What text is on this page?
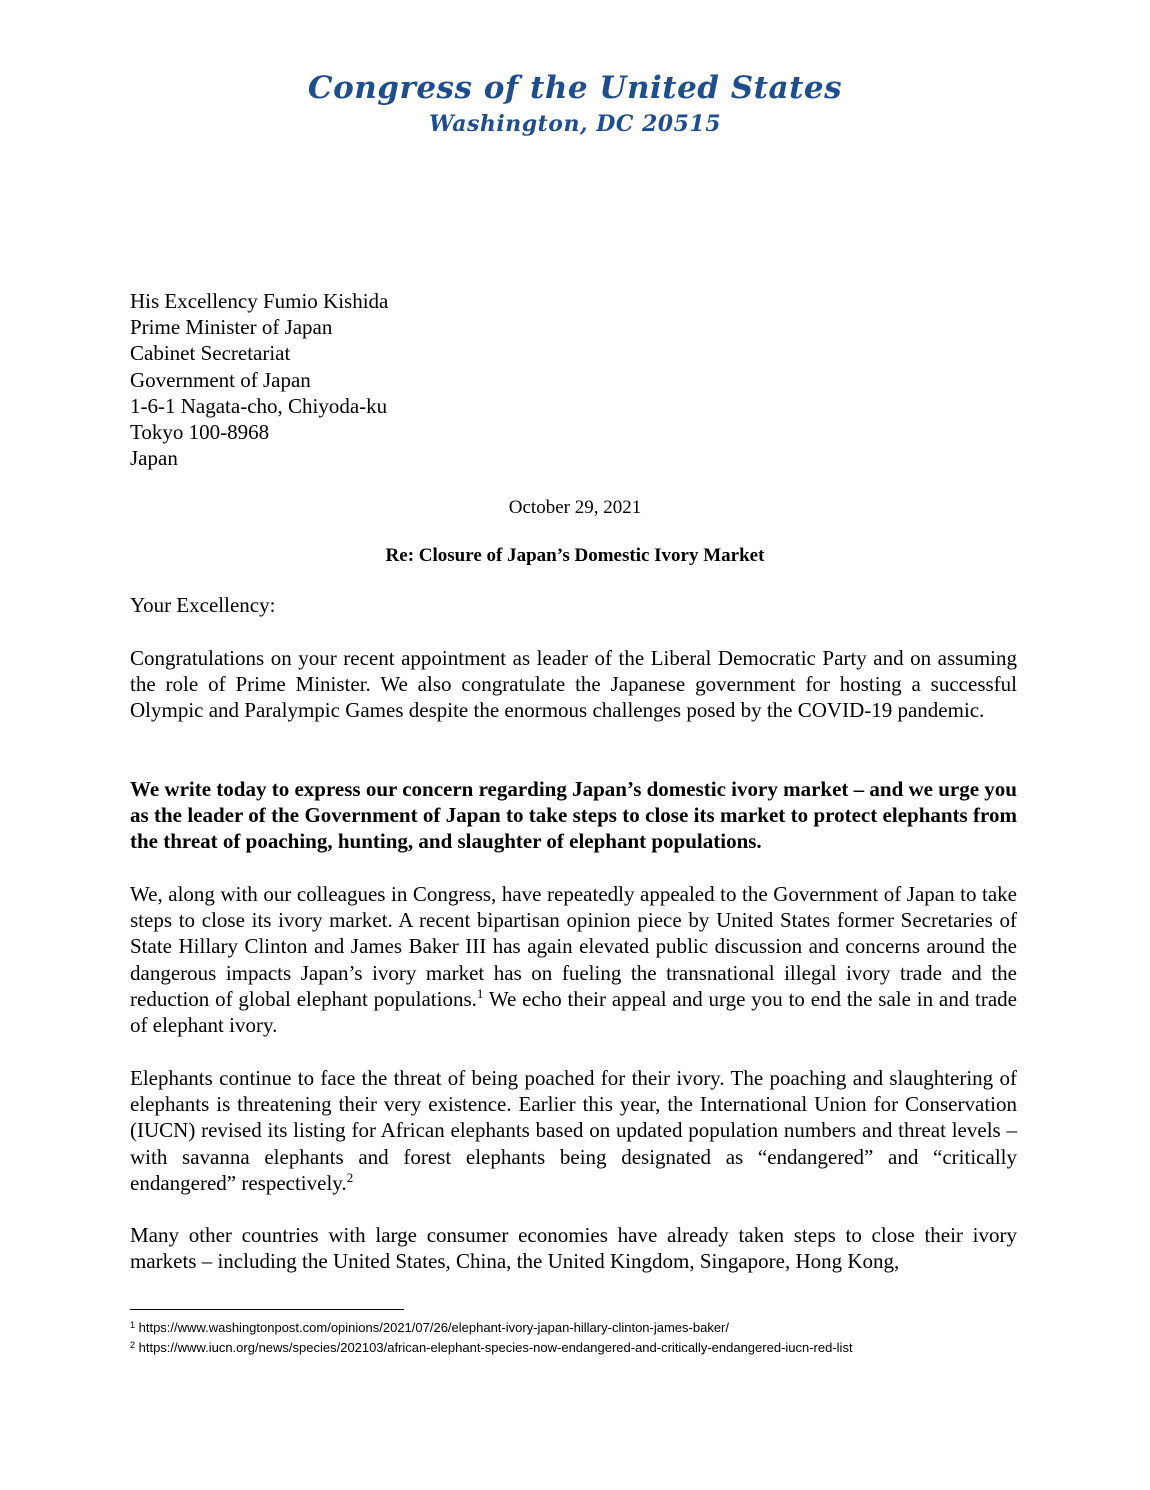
Congress of the United States
Washington, DC 20515
His Excellency Fumio Kishida
Prime Minister of Japan
Cabinet Secretariat
Government of Japan
1-6-1 Nagata-cho, Chiyoda-ku
Tokyo 100-8968
Japan
October 29, 2021
Re: Closure of Japan’s Domestic Ivory Market
Your Excellency:

Congratulations on your recent appointment as leader of the Liberal Democratic Party and on assuming the role of Prime Minister. We also congratulate the Japanese government for hosting a successful Olympic and Paralympic Games despite the enormous challenges posed by the COVID-19 pandemic.

We write today to express our concern regarding Japan’s domestic ivory market – and we urge you as the leader of the Government of Japan to take steps to close its market to protect elephants from the threat of poaching, hunting, and slaughter of elephant populations.

We, along with our colleagues in Congress, have repeatedly appealed to the Government of Japan to take steps to close its ivory market. A recent bipartisan opinion piece by United States former Secretaries of State Hillary Clinton and James Baker III has again elevated public discussion and concerns around the dangerous impacts Japan’s ivory market has on fueling the transnational illegal ivory trade and the reduction of global elephant populations.$^1$ We echo their appeal and urge you to end the sale in and trade of elephant ivory.

Elephants continue to face the threat of being poached for their ivory. The poaching and slaughtering of elephants is threatening their very existence. Earlier this year, the International Union for Conservation (IUCN) revised its listing for African elephants based on updated population numbers and threat levels – with savanna elephants and forest elephants being designated as “endangered” and “critically endangered” respectively.$^2$

Many other countries with large consumer economies have already taken steps to close their ivory markets – including the United States, China, the United Kingdom, Singapore, Hong Kong,

$^1$ https://www.washingtonpost.com/opinions/2021/07/26/elephant-ivory-japan-hillary-clinton-james-baker/
$^2$ https://www.iucn.org/news/species/202103/african-elephant-species-now-endangered-and-critically-endangered-iucn-red-list
